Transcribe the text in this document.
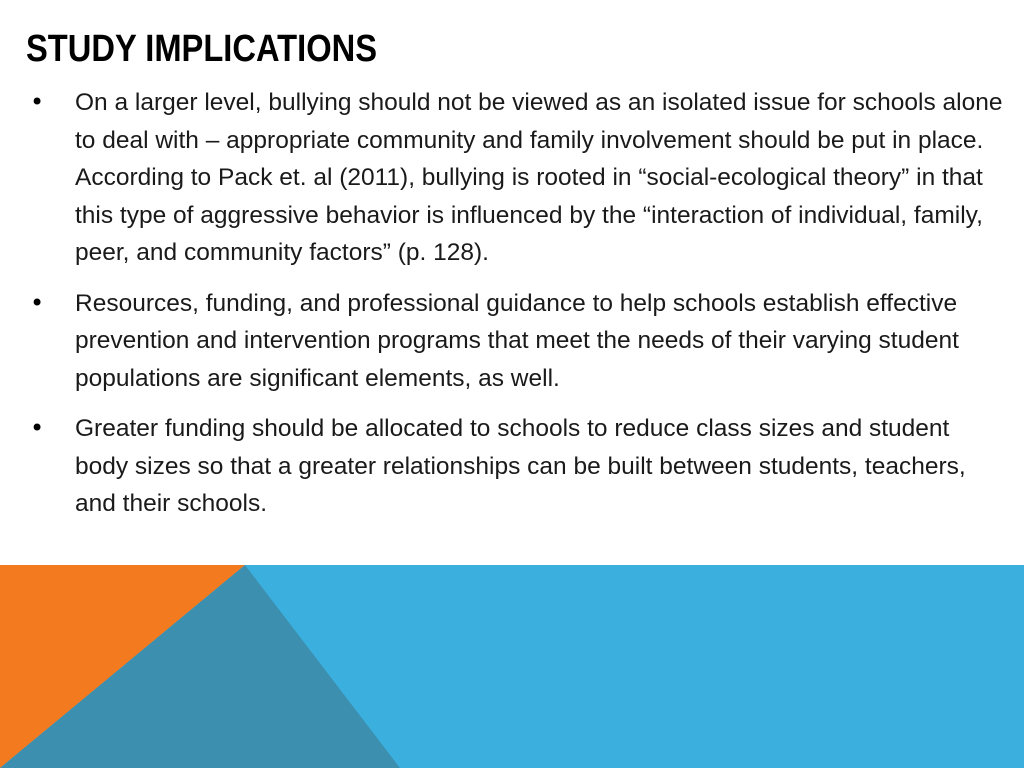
STUDY IMPLICATIONS
• On a larger level, bullying should not be viewed as an isolated issue for schools alone to deal with – appropriate community and family involvement should be put in place. According to Pack et. al (2011), bullying is rooted in “social-ecological theory” in that this type of aggressive behavior is influenced by the “interaction of individual, family, peer, and community factors” (p. 128).
• Resources, funding, and professional guidance to help schools establish effective prevention and intervention programs that meet the needs of their varying student populations are significant elements, as well.
• Greater funding should be allocated to schools to reduce class sizes and student body sizes so that a greater relationships can be built between students, teachers, and their schools.
